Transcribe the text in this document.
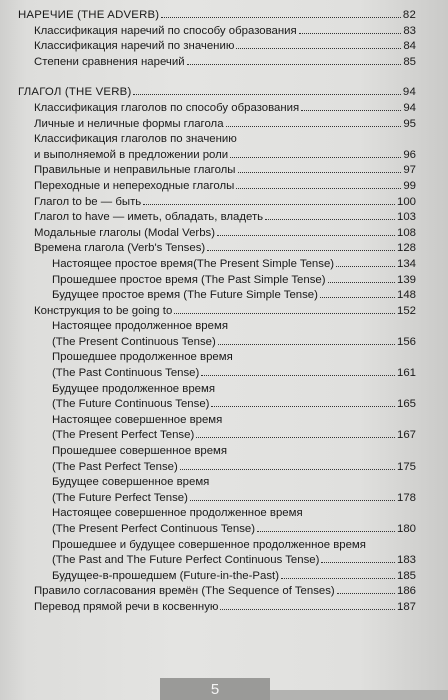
НАРЕЧИЕ (THE ADVERB)	82
Классификация наречий по способу образования	83
Классификация наречий по значению	84
Степени сравнения наречий	85
ГЛАГОЛ (THE VERB)	94
Классификация глаголов по способу образования	94
Личные и неличные формы глагола	95
Классификация глаголов по значению
и выполняемой в предложении роли	96
Правильные и неправильные глаголы	97
Переходные и непереходные глаголы	99
Глагол to be — быть	100
Глагол to have — иметь, обладать, владеть	103
Модальные глаголы (Modal Verbs)	108
Времена глагола (Verb's Tenses)	128
Настоящее простое время(The Present Simple Tense)	134
Прошедшее простое время (The Past Simple Tense)	139
Будущее простое время (The Future Simple Tense)	148
Конструкция to be going to	152
Настоящее продолженное время
(The Present Continuous Tense)	156
Прошедшее продолженное время
(The Past Continuous Tense)	161
Будущее продолженное время
(The Future Continuous Tense)	165
Настоящее совершенное время
(The Present Perfect Tense)	167
Прошедшее совершенное время
(The Past Perfect Tense)	175
Будущее совершенное время
(The Future Perfect Tense)	178
Настоящее совершенное продолженное время
(The Present Perfect Continuous Tense)	180
Прошедшее и будущее совершенное продолженное время
(The Past and The Future Perfect Continuous Tense)	183
Будущее-в-прошедшем (Future-in-the-Past)	185
Правило согласования времён (The Sequence of Tenses)	186
Перевод прямой речи в косвенную	187
5
